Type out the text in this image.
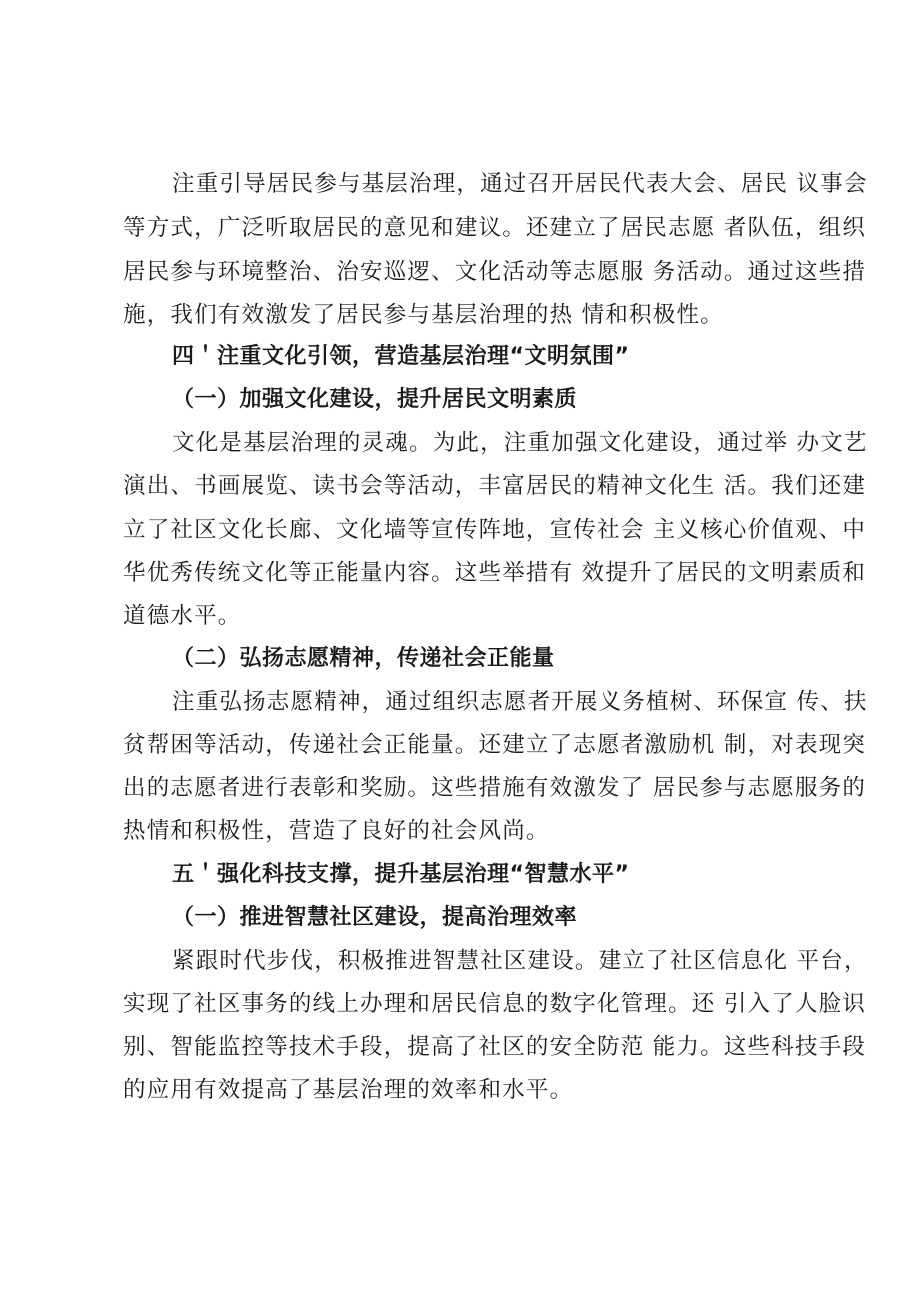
注重引导居民参与基层治理，通过召开居民代表大会、居民 议事会
等方式，广泛听取居民的意见和建议。还建立了居民志愿 者队伍，组织
居民参与环境整治、治安巡逻、文化活动等志愿服 务活动。通过这些措
施，我们有效激发了居民参与基层治理的热 情和积极性。
四＇注重文化引领，营造基层治理“文明氛围”
（一）加强文化建设，提升居民文明素质
文化是基层治理的灵魂。为此，注重加强文化建设，通过举 办文艺
演出、书画展览、读书会等活动，丰富居民的精神文化生 活。我们还建
立了社区文化长廊、文化墙等宣传阵地，宣传社会 主义核心价值观、中
华优秀传统文化等正能量内容。这些举措有 效提升了居民的文明素质和
道德水平。
（二）弘扬志愿精神，传递社会正能量
注重弘扬志愿精神，通过组织志愿者开展义务植树、环保宣 传、扶
贫帮困等活动，传递社会正能量。还建立了志愿者激励机 制，对表现突
出的志愿者进行表彰和奖励。这些措施有效激发了 居民参与志愿服务的
热情和积极性，营造了良好的社会风尚。
五＇强化科技支撑，提升基层治理“智慧水平”
（一）推进智慧社区建设，提高治理效率
紧跟时代步伐，积极推进智慧社区建设。建立了社区信息化 平台，
实现了社区事务的线上办理和居民信息的数字化管理。还 引入了人脸识
别、智能监控等技术手段，提高了社区的安全防范 能力。这些科技手段
的应用有效提高了基层治理的效率和水平。
